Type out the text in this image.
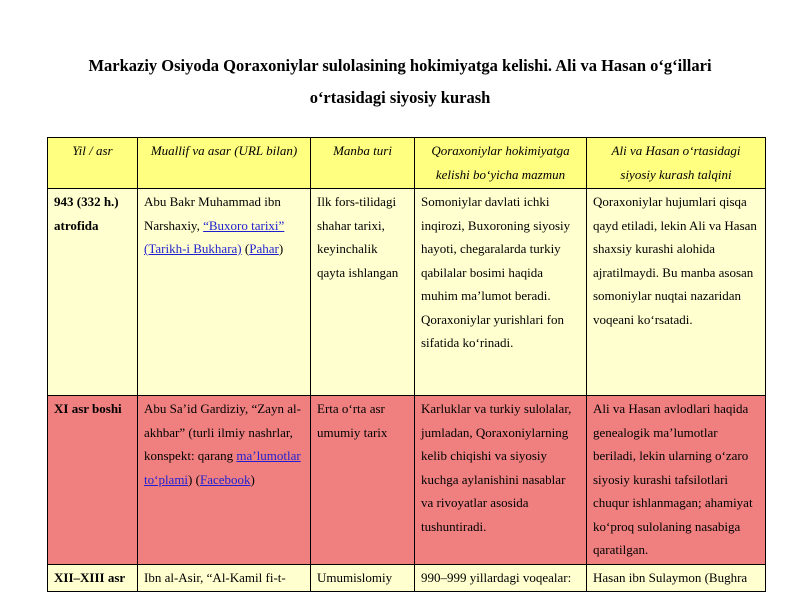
Markaziy Osiyoda Qoraxoniylar sulolasining hokimiyatga kelishi. Ali va Hasan o‘g‘illari
o‘rtasidagi siyosiy kurash
Yil / asr	Muallif va asar (URL bilan)	Manba turi	Qoraxoniylar hokimiyatga kelishi bo‘yicha mazmun	Ali va Hasan o‘rtasidagi siyosiy kurash talqini
943 (332 h.) atrofida	Abu Bakr Muhammad ibn Narshaxiy, “Buxoro tarixi” (Tarikh-i Bukhara) (Pahar)	Ilk fors-tilidagi shahar tarixi, keyinchalik qayta ishlangan	Somoniylar davlati ichki inqirozi, Buxoroning siyosiy hayoti, chegaralarda turkiy qabilalar bosimi haqida muhim ma’lumot beradi. Qoraxoniylar yurishlari fon sifatida ko‘rinadi.	Qoraxoniylar hujumlari qisqa qayd etiladi, lekin Ali va Hasan shaxsiy kurashi alohida ajratilmaydi. Bu manba asosan somoniylar nuqtai nazaridan voqeani ko‘rsatadi.
XI asr boshi	Abu Sa’id Gardiziy, “Zayn al-akhbar” (turli ilmiy nashrlar, konspekt: qarang ma’lumotlar to‘plami) (Facebook)	Erta o‘rta asr umumiy tarix	Karluklar va turkiy sulolalar, jumladan, Qoraxoniylarning kelib chiqishi va siyosiy kuchga aylanishini nasablar va rivoyatlar asosida tushuntiradi.	Ali va Hasan avlodlari haqida genealogik ma’lumotlar beriladi, lekin ularning o‘zaro siyosiy kurashi tafsilotlari chuqur ishlanmagan; ahamiyat ko‘proq sulolaning nasabiga qaratilgan.
XII–XIII asr	Ibn al-Asir, “Al-Kamil fi-t-	Umumislomiy	990–999 yillardagi voqealar:	Hasan ibn Sulaymon (Bughra
